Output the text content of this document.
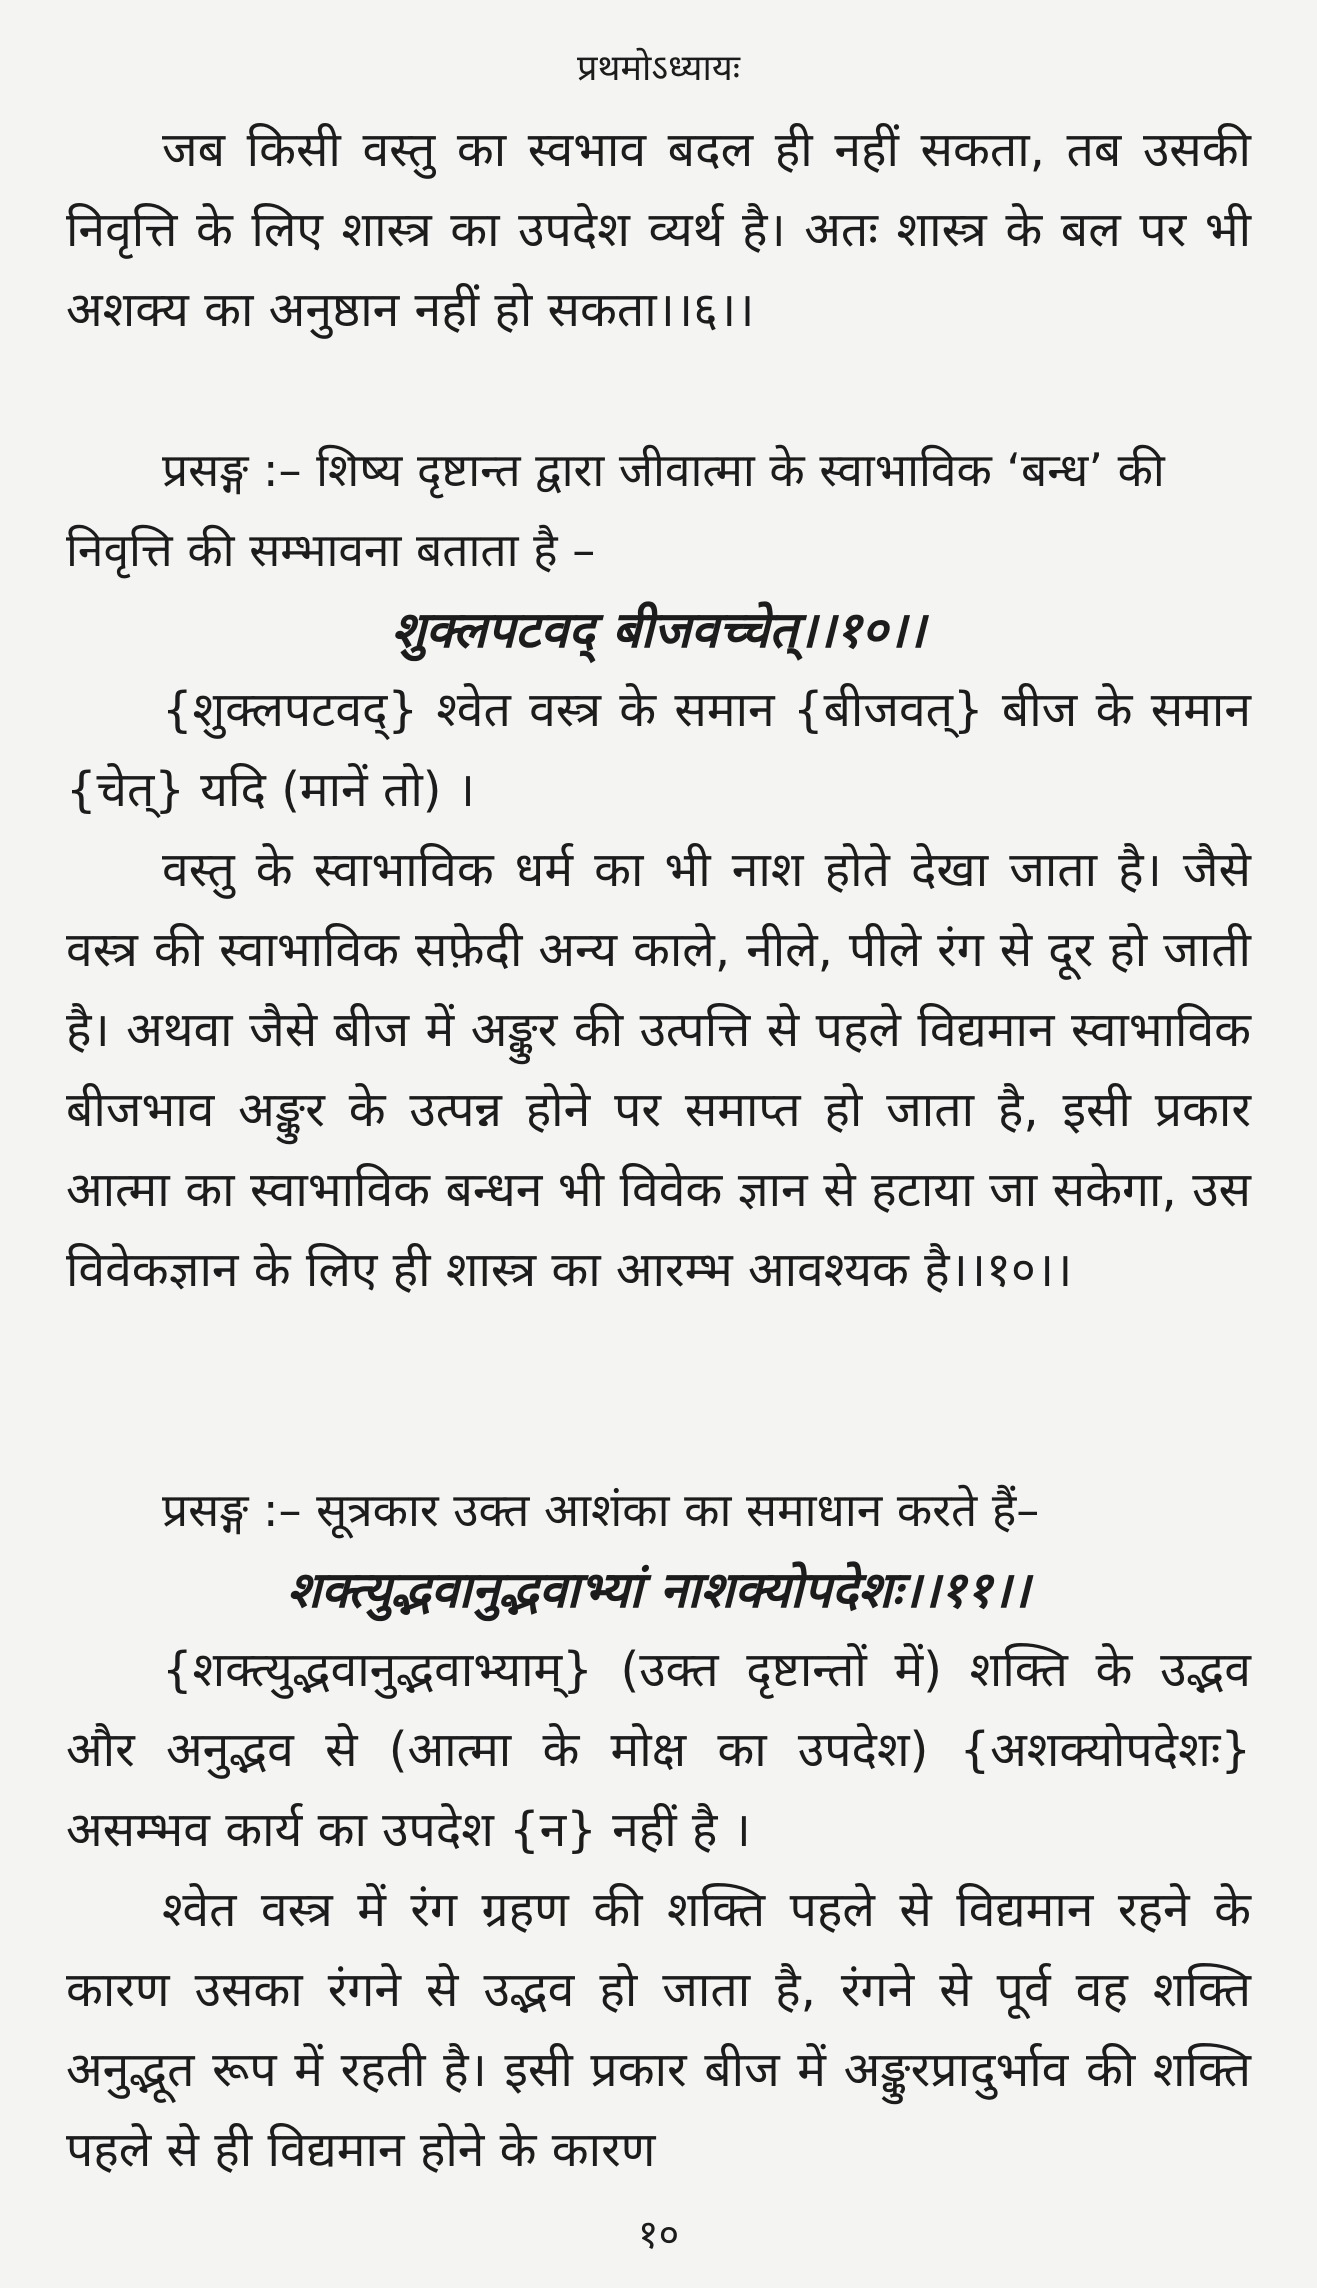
प्रथमोऽध्यायः

जब किसी वस्तु का स्वभाव बदल ही नहीं सकता, तब उसकी निवृत्ति के लिए शास्त्र का उपदेश व्यर्थ है। अतः शास्त्र के बल पर भी अशक्य का अनुष्ठान नहीं हो सकता।।६।।

प्रसङ्ग :– शिष्य दृष्टान्त द्वारा जीवात्मा के स्वाभाविक ‘बन्ध’ की निवृत्ति की सम्भावना बताता है –

शुक्लपटवद् बीजवच्चेत्।।१०।।

{शुक्लपटवद्} श्वेत वस्त्र के समान {बीजवत्} बीज के समान {चेत्} यदि (मानें तो) ।

वस्तु के स्वाभाविक धर्म का भी नाश होते देखा जाता है। जैसे वस्त्र की स्वाभाविक सफ़ेदी अन्य काले, नीले, पीले रंग से दूर हो जाती है। अथवा जैसे बीज में अङ्कुर की उत्पत्ति से पहले विद्यमान स्वाभाविक बीजभाव अङ्कुर के उत्पन्न होने पर समाप्त हो जाता है, इसी प्रकार आत्मा का स्वाभाविक बन्धन भी विवेक ज्ञान से हटाया जा सकेगा, उस विवेकज्ञान के लिए ही शास्त्र का आरम्भ आवश्यक है।।१०।।

प्रसङ्ग :– सूत्रकार उक्त आशंका का समाधान करते हैं–

शक्त्युद्भवानुद्भवाभ्यां नाशक्योपदेशः।।११।।

{शक्त्युद्भवानुद्भवाभ्याम्} (उक्त दृष्टान्तों में) शक्ति के उद्भव और अनुद्भव से (आत्मा के मोक्ष का उपदेश) {अशक्योपदेशः} असम्भव कार्य का उपदेश {न} नहीं है ।

श्वेत वस्त्र में रंग ग्रहण की शक्ति पहले से विद्यमान रहने के कारण उसका रंगने से उद्भव हो जाता है, रंगने से पूर्व वह शक्ति अनुद्भूत रूप में रहती है। इसी प्रकार बीज में अङ्कुरप्रादुर्भाव की शक्ति पहले से ही विद्यमान होने के कारण

१०
